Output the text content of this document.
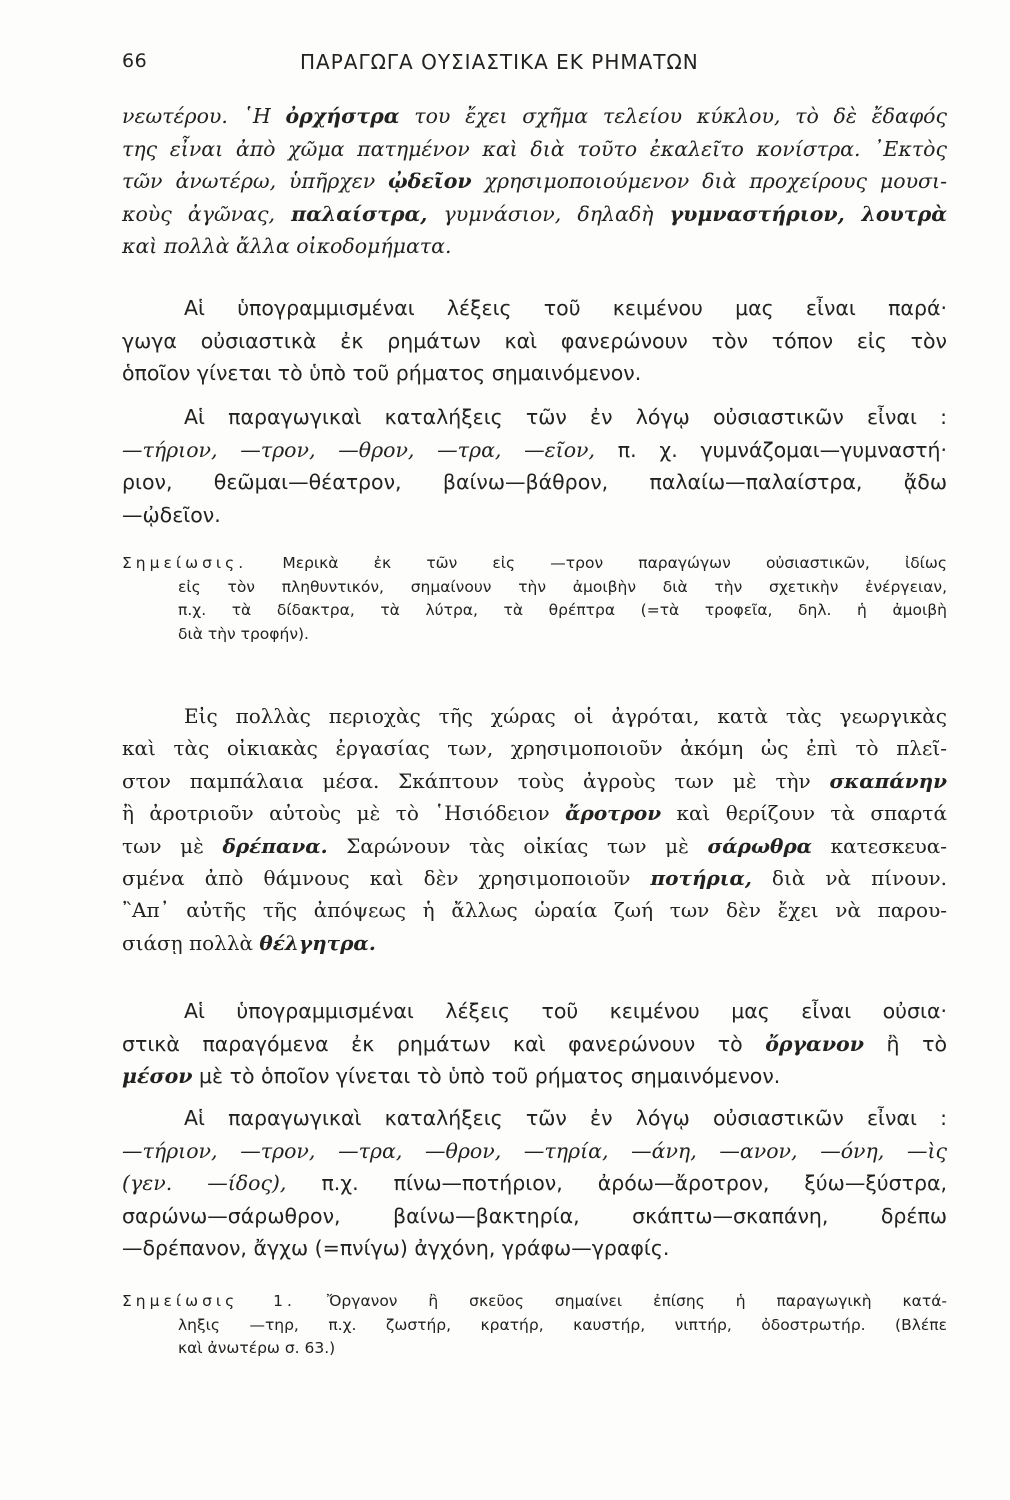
66	ΠΑΡΑΓΩΓΑ ΟΥΣΙΑΣΤΙΚΑ ΕΚ ΡΗΜΑΤΩΝ
νεωτέρου. ῾Η ὀρχήστρα του ἔχει σχῆμα τελείου κύκλου, τὸ δὲ ἔδαφός
της εἶναι ἀπὸ χῶμα πατημένον καὶ διὰ τοῦτο ἐκαλεῖτο κονίστρα. ᾿Εκτὸς
τῶν ἀνωτέρω, ὑπῆρχεν ᾠδεῖον χρησιμοποιούμενον διὰ προχείρους μουσι-
κοὺς ἀγῶνας, παλαίστρα, γυμνάσιον, δηλαδὴ γυμναστήριον, λουτρὰ
καὶ πολλὰ ἄλλα οἰκοδομήματα.
Αἱ ὑπογραμμισμέναι λέξεις τοῦ κειμένου μας εἶναι παρά·
γωγα οὐσιαστικὰ ἐκ ρημάτων καὶ φανερώνουν τὸν τόπον εἰς τὸν
ὁποῖον γίνεται τὸ ὑπὸ τοῦ ρήματος σημαινόμενον.
Αἱ παραγωγικαὶ καταλήξεις τῶν ἐν λόγῳ οὐσιαστικῶν εἶναι :
—τήριον, —τρον, —θρον, —τρα, —εῖον, π. χ. γυμνάζομαι—γυμναστή·
ριον, θεῶμαι—θέατρον, βαίνω—βάθρον, παλαίω—παλαίστρα, ᾄδω
—ᾠδεῖον.
Σημείωσις. Μερικὰ ἐκ τῶν εἰς —τρον παραγώγων οὐσιαστικῶν, ἰδίως
εἰς τὸν πληθυντικόν, σημαίνουν τὴν ἀμοιβὴν διὰ τὴν σχετικὴν ἐνέργειαν,
π.χ. τὰ δίδακτρα, τὰ λύτρα, τὰ θρέπτρα (=τὰ τροφεῖα, δηλ. ἡ ἀμοιβὴ
διὰ τὴν τροφήν).
Εἰς πολλὰς περιοχὰς τῆς χώρας οἱ ἀγρόται, κατὰ τὰς γεωργικὰς
καὶ τὰς οἰκιακὰς ἐργασίας των, χρησιμοποιοῦν ἀκόμη ὡς ἐπὶ τὸ πλεῖ-
στον παμπάλαια μέσα. Σκάπτουν τοὺς ἀγροὺς των μὲ τὴν σκαπάνην
ἢ ἀροτριοῦν αὐτοὺς μὲ τὸ ῾Ησιόδειον ἄροτρον καὶ θερίζουν τὰ σπαρτά
των μὲ δρέπανα. Σαρώνουν τὰς οἰκίας των μὲ σάρωθρα κατεσκευα-
σμένα ἀπὸ θάμνους καὶ δὲν χρησιμοποιοῦν ποτήρια, διὰ νὰ πίνουν.
῍Απ᾿ αὐτῆς τῆς ἀπόψεως ἡ ἄλλως ὡραία ζωή των δὲν ἔχει νὰ παρου-
σιάσῃ πολλὰ θέλγητρα.
Αἱ ὑπογραμμισμέναι λέξεις τοῦ κειμένου μας εἶναι οὐσια·
στικὰ παραγόμενα ἐκ ρημάτων καὶ φανερώνουν τὸ ὄργανον ἢ τὸ
μέσον μὲ τὸ ὁποῖον γίνεται τὸ ὑπὸ τοῦ ρήματος σημαινόμενον.
Αἱ παραγωγικαὶ καταλήξεις τῶν ἐν λόγῳ οὐσιαστικῶν εἶναι :
—τήριον, —τρον, —τρα, —θρον, —τηρία, —άνη, —ανον, —όνη, —ὶς
(γεν. —ίδος), π.χ. πίνω—ποτήριον, ἀρόω—ἄροτρον, ξύω—ξύστρα,
σαρώνω—σάρωθρον, βαίνω—βακτηρία, σκάπτω—σκαπάνη, δρέπω
—δρέπανον, ἄγχω (=πνίγω) ἀγχόνη, γράφω—γραφίς.
Σημείωσις 1. Ὄργανον ἢ σκεῦος σημαίνει ἐπίσης ἡ παραγωγικὴ κατά-
ληξις —τηρ, π.χ. ζωστήρ, κρατήρ, καυστήρ, νιπτήρ, ὀδοστρωτήρ. (Βλέπε
καὶ ἀνωτέρω σ. 63.)
